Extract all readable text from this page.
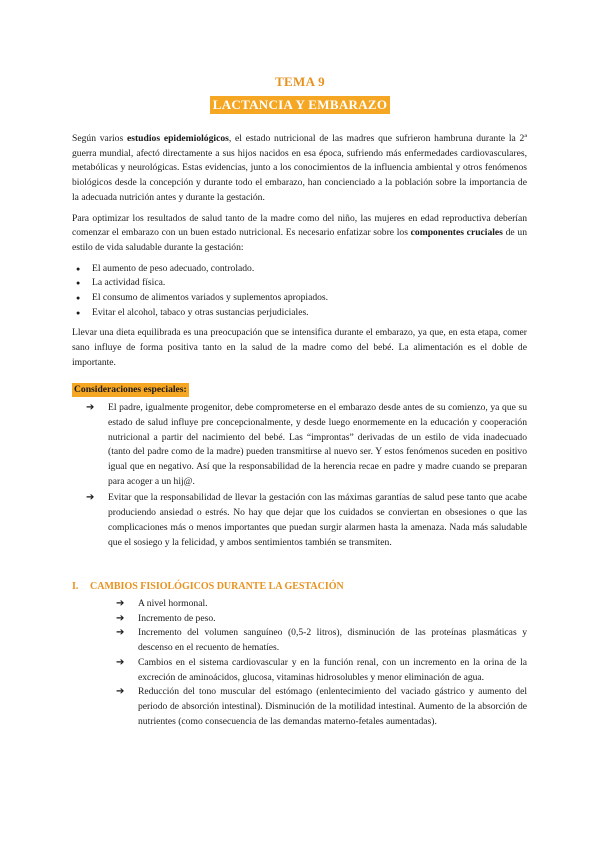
TEMA 9
LACTANCIA Y EMBARAZO

Según varios estudios epidemiológicos, el estado nutricional de las madres que sufrieron hambruna durante la 2ª guerra mundial, afectó directamente a sus hijos nacidos en esa época, sufriendo más enfermedades cardiovasculares, metabólicas y neurológicas. Estas evidencias, junto a los conocimientos de la influencia ambiental y otros fenómenos biológicos desde la concepción y durante todo el embarazo, han concienciado a la población sobre la importancia de la adecuada nutrición antes y durante la gestación.

Para optimizar los resultados de salud tanto de la madre como del niño, las mujeres en edad reproductiva deberían comenzar el embarazo con un buen estado nutricional. Es necesario enfatizar sobre los componentes cruciales de un estilo de vida saludable durante la gestación:

● El aumento de peso adecuado, controlado.
● La actividad física.
● El consumo de alimentos variados y suplementos apropiados.
● Evitar el alcohol, tabaco y otras sustancias perjudiciales.

Llevar una dieta equilibrada es una preocupación que se intensifica durante el embarazo, ya que, en esta etapa, comer sano influye de forma positiva tanto en la salud de la madre como del bebé. La alimentación es el doble de importante.

Consideraciones especiales:
➔ El padre, igualmente progenitor, debe comprometerse en el embarazo desde antes de su comienzo, ya que su estado de salud influye pre concepcionalmente, y desde luego enormemente en la educación y cooperación nutricional a partir del nacimiento del bebé. Las “improntas” derivadas de un estilo de vida inadecuado (tanto del padre como de la madre) pueden transmitirse al nuevo ser. Y estos fenómenos suceden en positivo igual que en negativo. Así que la responsabilidad de la herencia recae en padre y madre cuando se preparan para acoger a un hij@.
➔ Evitar que la responsabilidad de llevar la gestación con las máximas garantías de salud pese tanto que acabe produciendo ansiedad o estrés. No hay que dejar que los cuidados se conviertan en obsesiones o que las complicaciones más o menos importantes que puedan surgir alarmen hasta la amenaza. Nada más saludable que el sosiego y la felicidad, y ambos sentimientos también se transmiten.
I. CAMBIOS FISIOLÓGICOS DURANTE LA GESTACIÓN
➔ A nivel hormonal.
➔ Incremento de peso.
➔ Incremento del volumen sanguíneo (0,5-2 litros), disminución de las proteínas plasmáticas y descenso en el recuento de hematíes.
➔ Cambios en el sistema cardiovascular y en la función renal, con un incremento en la orina de la excreción de aminoácidos, glucosa, vitaminas hidrosolubles y menor eliminación de agua.
➔ Reducción del tono muscular del estómago (enlentecimiento del vaciado gástrico y aumento del periodo de absorción intestinal). Disminución de la motilidad intestinal. Aumento de la absorción de nutrientes (como consecuencia de las demandas materno-fetales aumentadas).
